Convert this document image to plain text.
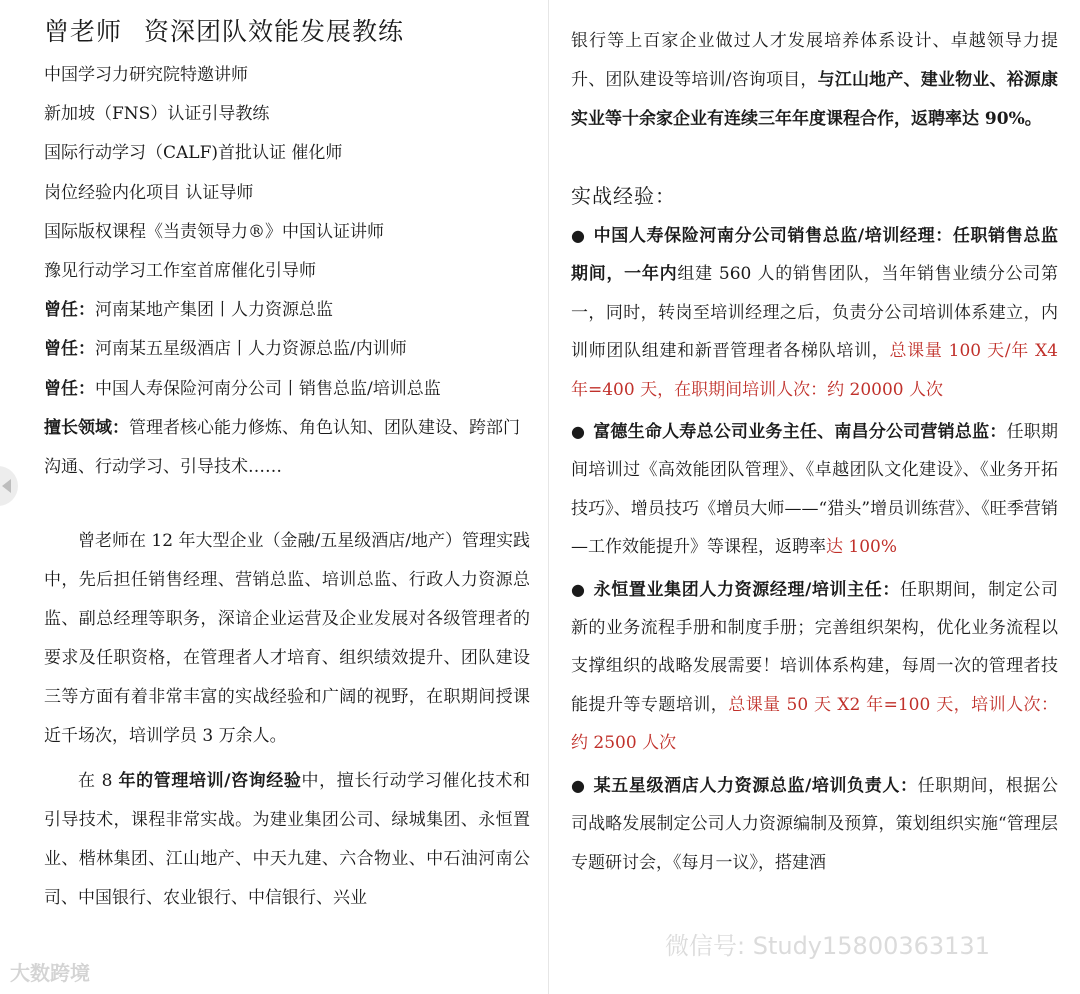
曾老师 资深团队效能发展教练
中国学习力研究院特邀讲师
新加坡（FNS）认证引导教练
国际行动学习（CALF)首批认证 催化师
岗位经验内化项目 认证导师
国际版权课程《当责领导力®》中国认证讲师
豫见行动学习工作室首席催化引导师
曾任：河南某地产集团丨人力资源总监
曾任：河南某五星级酒店丨人力资源总监/内训师
曾任：中国人寿保险河南分公司丨销售总监/培训总监
擅长领域：管理者核心能力修炼、角色认知、团队建设、跨部门沟通、行动学习、引导技术……
曾老师在 12 年大型企业（金融/五星级酒店/地产）管理实践中，先后担任销售经理、营销总监、培训总监、行政人力资源总监、副总经理等职务，深谙企业运营及企业发展对各级管理者的要求及任职资格，在管理者人才培育、组织绩效提升、团队建设三等方面有着非常丰富的实战经验和广阔的视野，在职期间授课近千场次，培训学员 3 万余人。
在 8 年的管理培训/咨询经验中，擅长行动学习催化技术和引导技术，课程非常实战。为建业集团公司、绿城集团、永恒置业、楷林集团、江山地产、中天九建、六合物业、中石油河南公司、中国银行、农业银行、中信银行、兴业
银行等上百家企业做过人才发展培养体系设计、卓越领导力提升、团队建设等培训/咨询项目，与江山地产、建业物业、裕源康实业等十余家企业有连续三年年度课程合作，返聘率达 90%。
实战经验：
● 中国人寿保险河南分公司销售总监/培训经理：任职销售总监期间，一年内组建 560 人的销售团队，当年销售业绩分公司第一，同时，转岗至培训经理之后，负责分公司培训体系建立，内训师团队组建和新晋管理者各梯队培训，总课量 100 天/年 X4 年=400 天，在职期间培训人次：约 20000 人次
● 富德生命人寿总公司业务主任、南昌分公司营销总监：任职期间培训过《高效能团队管理》、《卓越团队文化建设》、《业务开拓技巧》、增员技巧《增员大师——“猎头”增员训练营》、《旺季营销—工作效能提升》等课程，返聘率达 100%
● 永恒置业集团人力资源经理/培训主任：任职期间，制定公司新的业务流程手册和制度手册；完善组织架构，优化业务流程以支撑组织的战略发展需要！培训体系构建，每周一次的管理者技能提升等专题培训，总课量 50 天 X2 年=100 天，培训人次：约 2500 人次
● 某五星级酒店人力资源总监/培训负责人：任职期间，根据公司战略发展制定公司人力资源编制及预算，策划组织实施“管理层专题研讨会，《每月一议》，搭建酒
大数跨境
微信号: Study15800363131
